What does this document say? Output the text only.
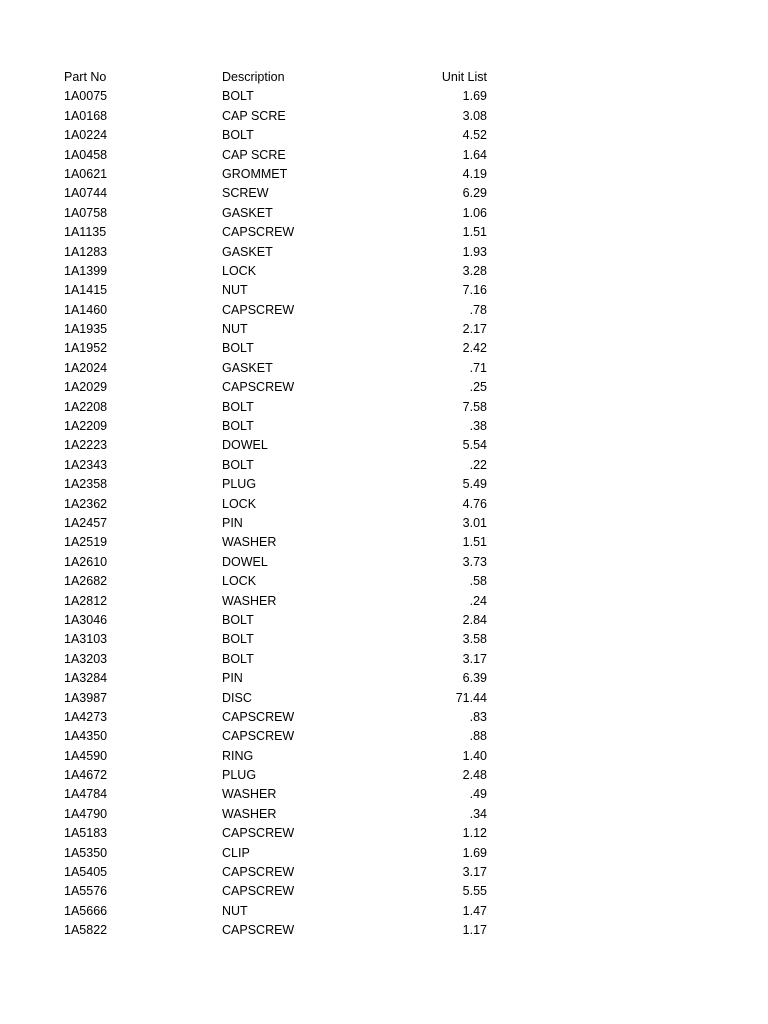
Part No	Description	Unit List
1A0075	BOLT	1.69
1A0168	CAP SCRE	3.08
1A0224	BOLT	4.52
1A0458	CAP SCRE	1.64
1A0621	GROMMET	4.19
1A0744	SCREW	6.29
1A0758	GASKET	1.06
1A1135	CAPSCREW	1.51
1A1283	GASKET	1.93
1A1399	LOCK	3.28
1A1415	NUT	7.16
1A1460	CAPSCREW	.78
1A1935	NUT	2.17
1A1952	BOLT	2.42
1A2024	GASKET	.71
1A2029	CAPSCREW	.25
1A2208	BOLT	7.58
1A2209	BOLT	.38
1A2223	DOWEL	5.54
1A2343	BOLT	.22
1A2358	PLUG	5.49
1A2362	LOCK	4.76
1A2457	PIN	3.01
1A2519	WASHER	1.51
1A2610	DOWEL	3.73
1A2682	LOCK	.58
1A2812	WASHER	.24
1A3046	BOLT	2.84
1A3103	BOLT	3.58
1A3203	BOLT	3.17
1A3284	PIN	6.39
1A3987	DISC	71.44
1A4273	CAPSCREW	.83
1A4350	CAPSCREW	.88
1A4590	RING	1.40
1A4672	PLUG	2.48
1A4784	WASHER	.49
1A4790	WASHER	.34
1A5183	CAPSCREW	1.12
1A5350	CLIP	1.69
1A5405	CAPSCREW	3.17
1A5576	CAPSCREW	5.55
1A5666	NUT	1.47
1A5822	CAPSCREW	1.17
